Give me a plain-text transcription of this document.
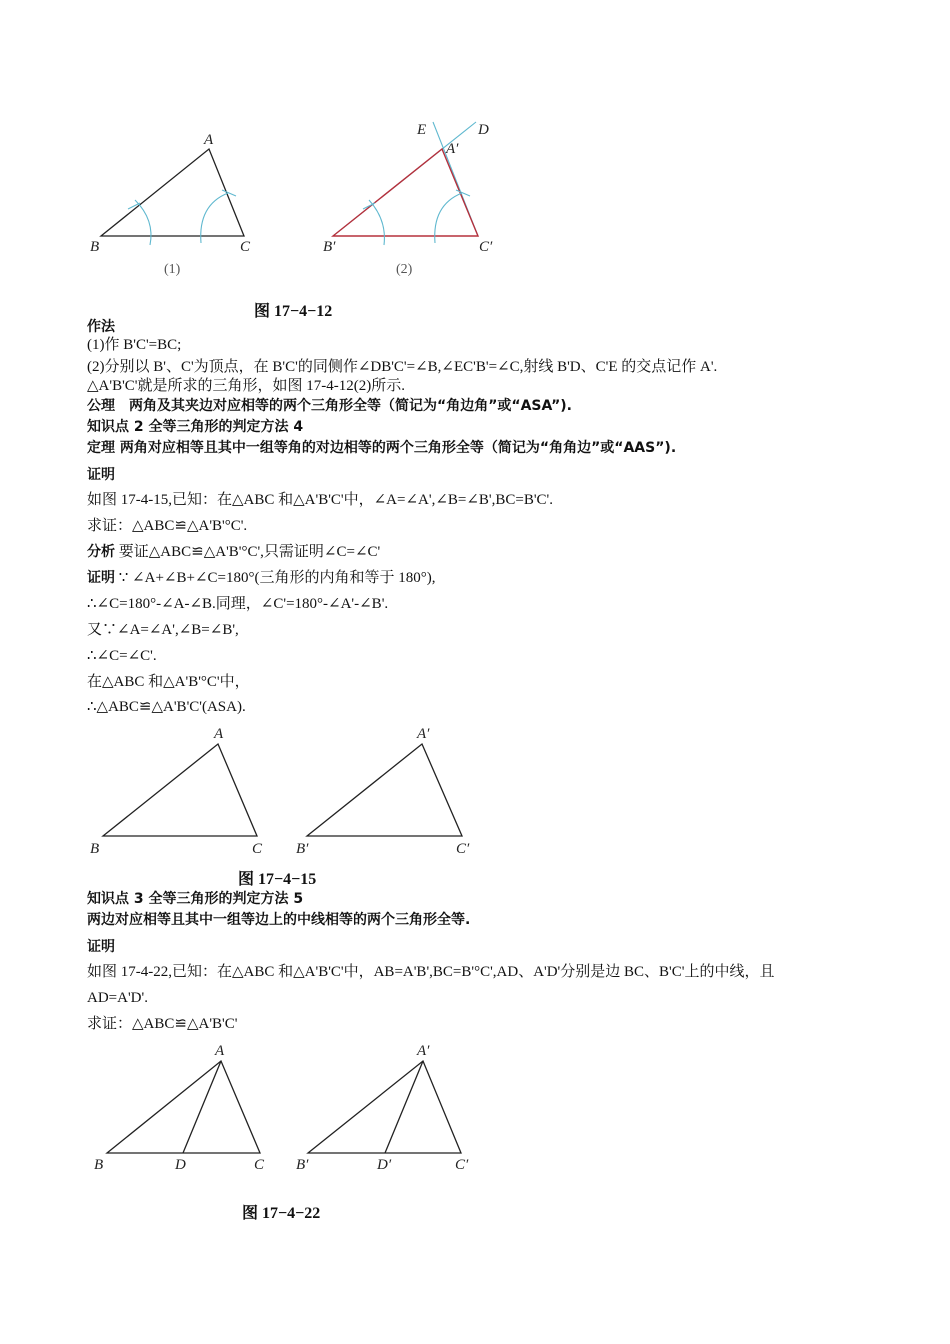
A
B	C
(1)
E	D
A′
B′	C′
(2)
图 17−4−12
作法
(1)作 B'C'=BC;
(2)分别以 B'、C'为顶点，在 B'C'的同侧作∠DB'C'=∠B,∠EC'B'=∠C,射线 B'D、C'E 的交点记作 A'.
△A'B'C'就是所求的三角形，如图 17-4-12(2)所示.
公理　两角及其夹边对应相等的两个三角形全等（简记为“角边角”或“ASA”).
知识点 2 全等三角形的判定方法 4
定理 两角对应相等且其中一组等角的对边相等的两个三角形全等（简记为“角角边”或“AAS”).
证明
如图 17-4-15,已知：在△ABC 和△A'B'C'中，∠A=∠A',∠B=∠B',BC=B'C'.
求证：△ABC≌△A'B'°C'.
分析 要证△ABC≌△A'B'°C',只需证明∠C=∠C'
证明 ∵ ∠A+∠B+∠C=180°(三角形的内角和等于 180°),
∴∠C=180°-∠A-∠B.同理，∠C'=180°-∠A'-∠B'.
又∵∠A=∠A',∠B=∠B',
∴∠C=∠C'.
在△ABC 和△A'B'°C'中，
∴△ABC≌△A'B'C'(ASA).
A
B	C
A′
B′	C′
图 17−4−15
知识点 3 全等三角形的判定方法 5
两边对应相等且其中一组等边上的中线相等的两个三角形全等.
证明
如图 17-4-22,已知：在△ABC 和△A'B'C'中，AB=A'B',BC=B'°C',AD、A'D'分别是边 BC、B'C'上的中线，且
AD=A'D'.
求证：△ABC≌△A'B'C'
A
B	D	C
A′
B′	D′	C′
图 17−4−22
